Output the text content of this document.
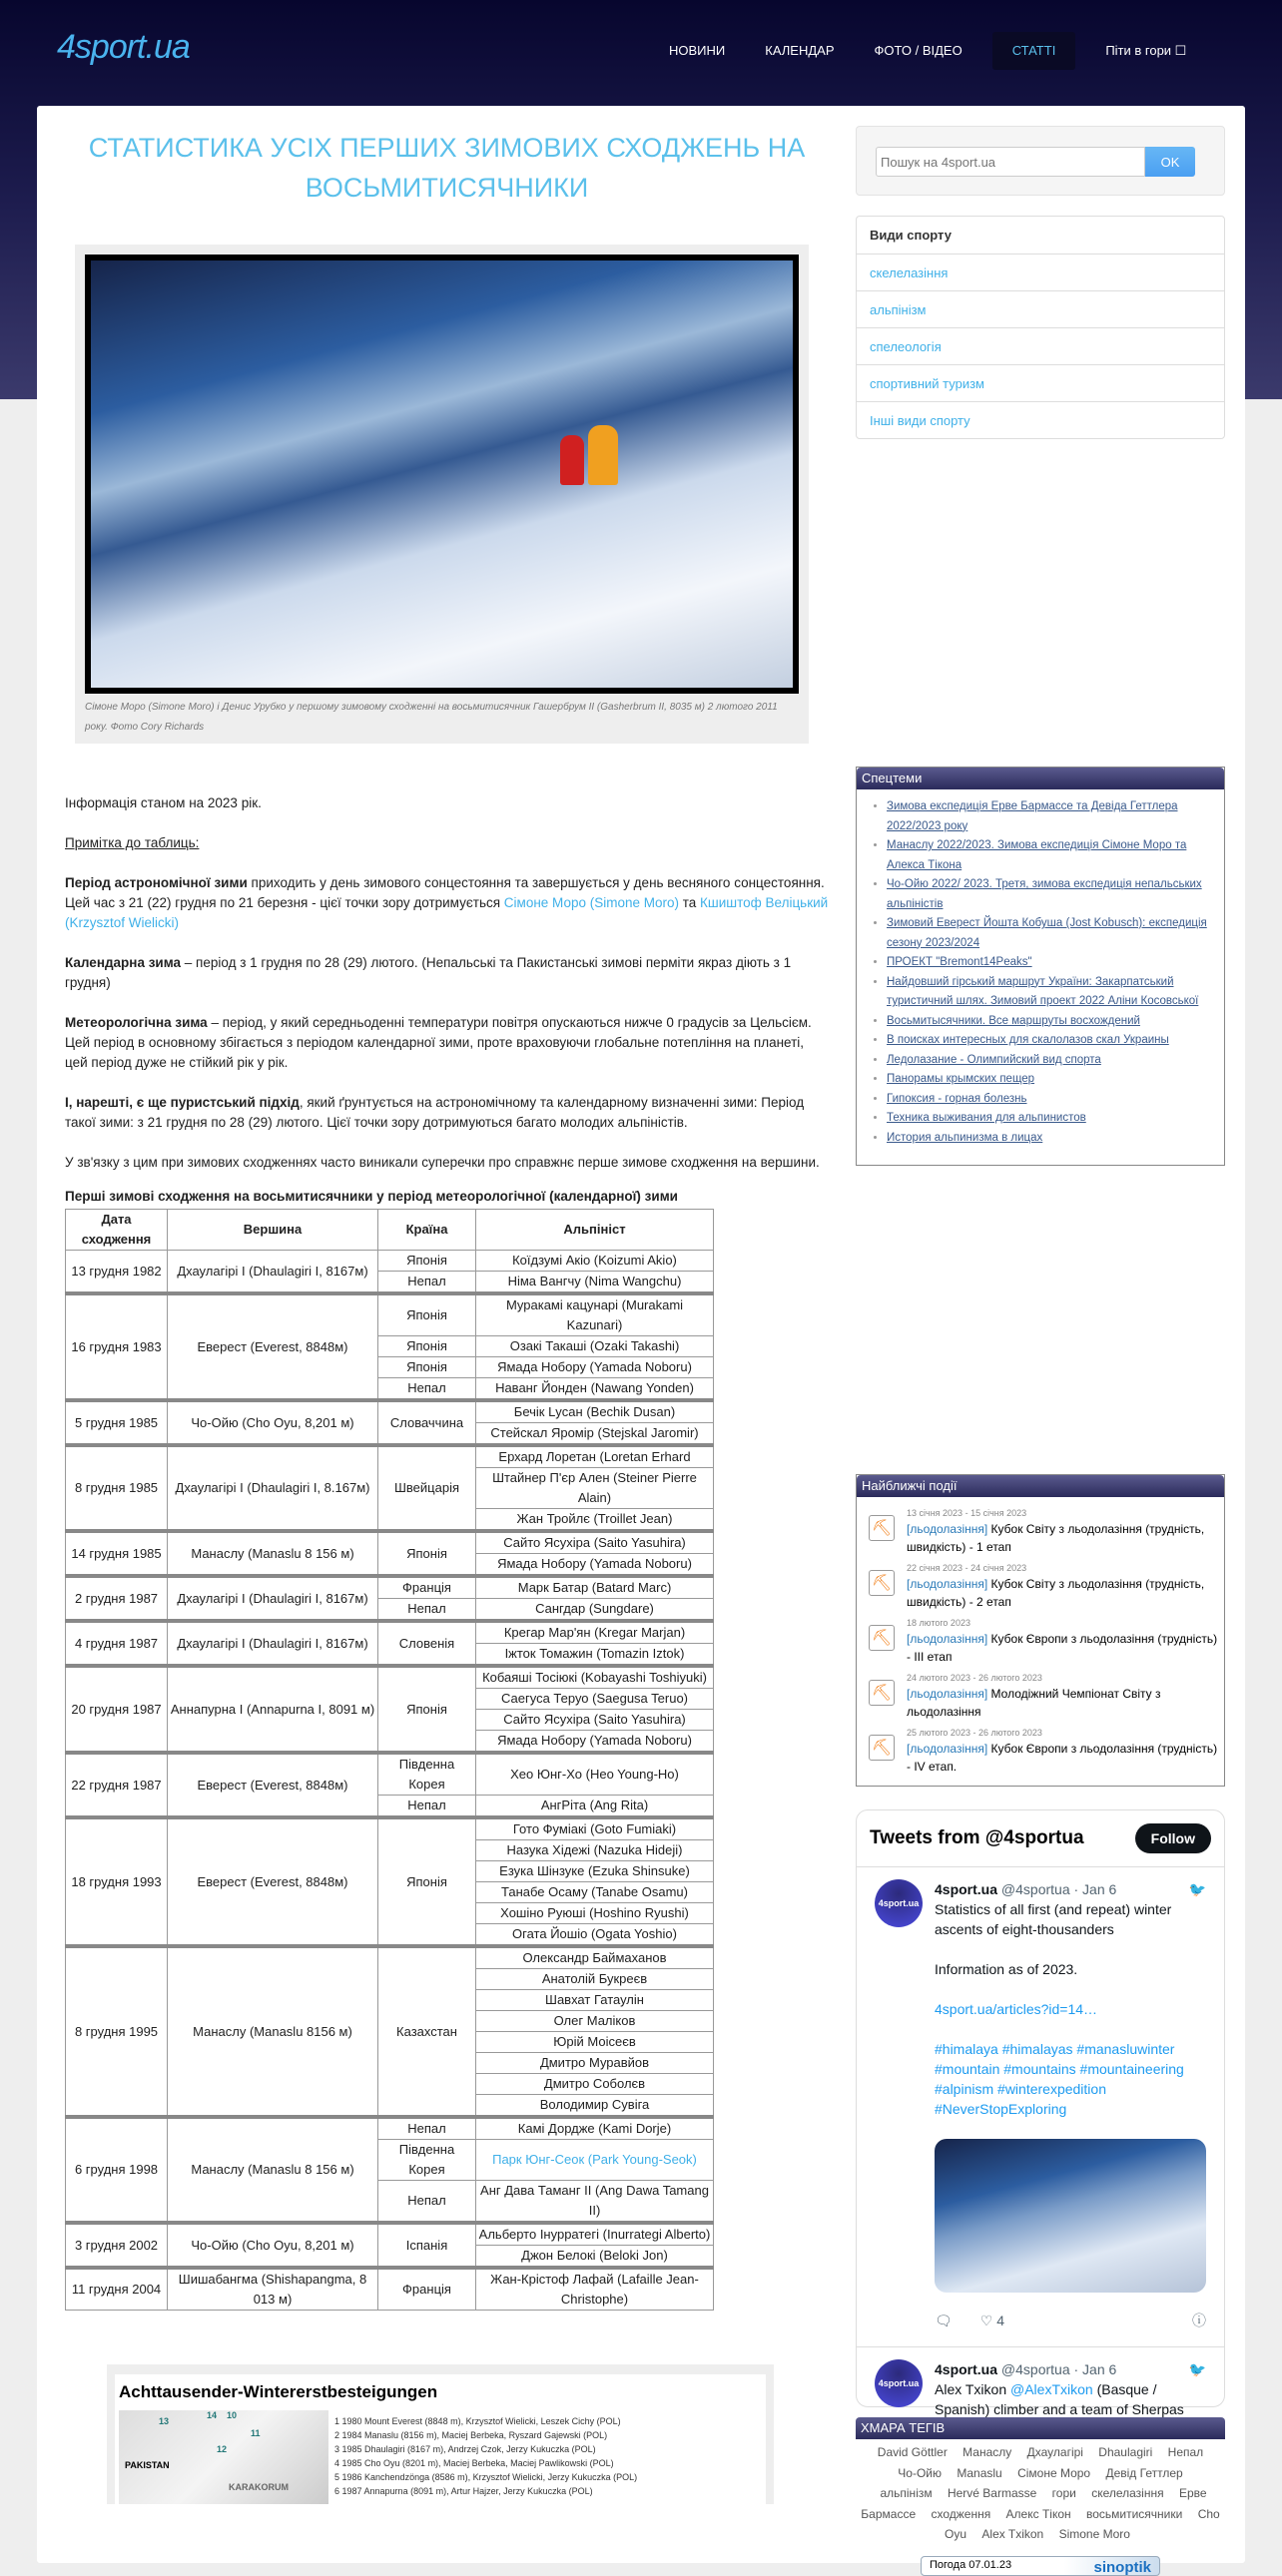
4sport.ua	НОВИНИ	КАЛЕНДАР	ФОТО / ВІДЕО	СТАТТІ	Піти в гори ☐
СТАТИСТИКА УСІХ ПЕРШИХ ЗИМОВИХ СХОДЖЕНЬ НА ВОСЬМИТИСЯЧНИКИ
Сімоне Моро (Simone Moro) і Денис Урубко у першому зимовому сходженні на восьмитисячник Гашербрум II (Gasherbrum II, 8035 м) 2 лютого 2011 року. Фото Cory Richards

Інформація станом на 2023 рік.

Примітка до таблиць:

Період астрономічної зими приходить у день зимового сонцестояння та завершується у день весняного сонцестояння.
Цей час з 21 (22) грудня по 21 березня - цієї точки зору дотримується Сімоне Моро (Simone Moro) та Кшиштоф Веліцький (Krzysztof Wielicki)

Календарна зима – період з 1 грудня по 28 (29) лютого. (Непальські та Пакистанські зимові перміти якраз діють з 1 грудня)

Метеорологічна зима – період, у який середньоденні температури повітря опускаються нижче 0 градусів за Цельсієм. Цей період в основному збігається з періодом календарної зими, проте враховуючи глобальне потепління на планеті, цей період дуже не стійкий рік у рік.

І, нарешті, є ще пуристський підхід, який ґрунтується на астрономічному та календарному визначенні зими: Період такої зими: з 21 грудня по 28 (29) лютого. Цієї точки зору дотримуються багато молодих альпіністів.

У зв'язку з цим при зимових сходженнях часто виникали суперечки про справжнє перше зимове сходження на вершини.

Перші зимові сходження на восьмитисячники у період метеорологічної (календарної) зими
Дата сходження	Вершина	Країна	Альпініст
13 грудня 1982	Дхаулагірі I (Dhaulagiri I, 8167м)	Японія	Коїдзумі Акіо (Koizumi Akio)
		Непал	Німа Вангчу (Nima Wangchu)
16 грудня 1983	Еверест (Everest, 8848м)	Японія	Муракамі кацунарі (Murakami Kazunari)
		Японія	Озакі Такаші (Ozaki Takashi)
		Японія	Ямада Нобору (Yamada Noboru)
		Непал	Наванг Йонден (Nawang Yonden)
5 грудня 1985	Чо-Ойю (Cho Oyu, 8,201 м)	Словаччина	Бечік Lуcан (Bechik Dusan)
			Стейскал Яромір (Stejskal Jaromir)
8 грудня 1985	Дхаулагірі I (Dhaulagiri I, 8.167м)	Швейцарія	Ерхард Лоретан (Loretan Erhard
			Штайнер П'єр Ален (Steiner Pierre Alain)
			Жан Тройлє (Troillet Jean)
14 грудня 1985	Манаслу (Manaslu 8 156 м)	Японія	Сайто Ясухіра (Saito Yasuhira)
			Ямада Нобору (Yamada Noboru)
2 грудня 1987	Дхаулагірі I (Dhaulagiri I, 8167м)	Франція	Марк Батар (Batard Marc)
		Непал	Сангдар (Sungdare)
4 грудня 1987	Дхаулагірі I (Dhaulagiri I, 8167м)	Словенія	Крегар Мар'ян (Kregar Marjan)
			Іжток Томажин (Tomazin Iztok)
20 грудня 1987	Аннапурна I (Annapurna I, 8091 м)	Японія	Кобаяші Тосіюкі (Kobayashi Toshiyuki)
			Саегуса Теруо (Saegusa Teruo)
			Сайто Ясухіра (Saito Yasuhira)
			Ямада Нобору (Yamada Noboru)
22 грудня 1987	Еверест (Everest, 8848м)	Південна Корея	Хео Юнг-Хо (Heo Young-Ho)
		Непал	АнгРіта (Ang Rita)
18 грудня 1993	Еверест (Everest, 8848м)	Японія	Гото Фуміакі (Goto Fumiaki)
			Назука Хідежі (Nazuka Hideji)
			Езука Шінзуке (Ezuka Shinsuke)
			Танабе Осаму (Tanabe Osamu)
			Хошіно Руюші (Hoshino Ryushi)
			Огата Йошіо (Ogata Yoshio)
8 грудня 1995	Манаслу (Manaslu 8156 м)	Казахстан	Олександр Баймаханов
			Анатолій Букреєв
			Шавхат Гатаулін
			Олег Маліков
			Юрій Моісеєв
			Дмитро Муравйов
			Дмитро Соболєв
			Володимир Сувіга
6 грудня 1998	Манаслу (Manaslu 8 156 м)	Непал	Камі Дордже (Kami Dorje)
		Південна Корея	Парк Юнг-Сеок (Park Young-Seok)
		Непал	Анг Дава Таманг II (Ang Dawa Tamang II)
3 грудня 2002	Чо-Ойю (Cho Oyu, 8,201 м)	Іспанія	Альберто Інурратегі (Inurrategi Alberto)
			Джон Белокі (Beloki Jon)
11 грудня 2004	Шишабангма (Shishapangma, 8 013 м)	Франція	Жан-Крістоф Лафай (Lafaille Jean-Christophe)
Achttausender-Wintererstbesteigungen
PAKISTAN
KARAKORUM
13
14 10
11
12
1 1980 Mount Everest (8848 m), Krzysztof Wielicki, Leszek Cichy (POL)
2 1984 Manaslu (8156 m), Maciej Berbeka, Ryszard Gajewski (POL)
3 1985 Dhaulagiri (8167 m), Andrzej Czok, Jerzy Kukuczka (POL)
4 1985 Cho Oyu (8201 m), Maciej Berbeka, Maciej Pawlikowski (POL)
5 1986 Kanchendzönga (8586 m), Krzysztof Wielicki, Jerzy Kukuczka (POL)
6 1987 Annapurna (8091 m), Artur Hajzer, Jerzy Kukuczka (POL)
Пошук на 4sport.ua
OK
Види спорту
скелелазіння
альпінізм
спелеологія
спортивний туризм
Інші види спорту
Спецтеми
• Зимова експедиція Ерве Бармассе та Девіда Геттлера 2022/2023 року
• Манаслу 2022/2023. Зимова експедиція Сімоне Моро та Алекса Тікона
• Чо-Ойю 2022/ 2023. Третя, зимова експедиція непальських альпіністів
• Зимовий Еверест Йошта Кобуша (Jost Kobusch): експедиція сезону 2023/2024
• ПРОЕКТ "Bremont14Peaks"
• Найдовший гірський маршрут України: Закарпатський туристичний шлях. Зимовий проект 2022 Аліни Косовської
• Восьмитысячники. Все маршруты восхождений
• В поисках интересных для скалолазов скал Украины
• Ледолазание - Олимпийский вид спорта
• Панорамы крымских пещер
• Гипоксия - горная болезнь
• Техника выживания для альпинистов
• История альпинизма в лицах
Найближчі події
⛏
13 січня 2023 - 15 січня 2023
[льодолазіння] Кубок Світу з льодолазіння (трудність, швидкість) - 1 етап
⛏
22 січня 2023 - 24 січня 2023
[льодолазіння] Кубок Світу з льодолазіння (трудність, швидкість) - 2 етап
⛏
18 лютого 2023
[льодолазіння] Кубок Європи з льодолазіння (трудність) - III етап
⛏
24 лютого 2023 - 26 лютого 2023
[льодолазіння] Молодіжний Чемпіонат Світу з льодолазіння
⛏
25 лютого 2023 - 26 лютого 2023
[льодолазіння] Кубок Європи з льодолазіння (трудність) - IV етап.
Tweets from @4sportua	Follow
4sport.ua
🐦
4sport.ua @4sportua · Jan 6
Statistics of all first (and repeat) winter ascents of eight-thousanders

Information as of 2023.

4sport.ua/articles?id=14…

#himalaya #himalayas #manasluwinter #mountain #mountains #mountaineering #alpinism #winterexpedition #NeverStopExploring
🗨 ♡ 4	ⓘ
4sport.ua
🐦
4sport.ua @4sportua · Jan 6
Alex Txikon @AlexTxikon (Basque / Spanish) climber and a team of Sherpas
ХМАРА ТЕГІВ
David Göttler Манаслу Дхаулагірі Dhaulagiri Непал Чо-Ойю Manaslu Сімоне Моро Девід Геттлер альпінізм Hervé Barmasse гори скелелазіння Ерве Бармассе сходження Алекс Тікон восьмитисячники Cho Oyu Alex Txikon Simone Moro
Погода 07.01.23	sinoptik
